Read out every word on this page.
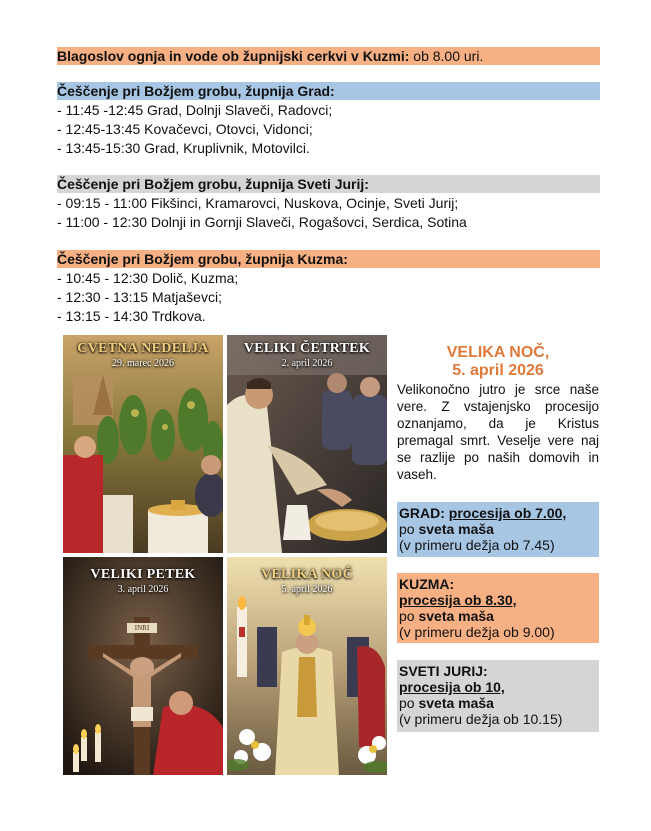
Blagoslov ognja in vode ob župnijski cerkvi v Kuzmi: ob 8.00 uri.
Češčenje pri Božjem grobu, župnija Grad:
- 11:45 -12:45 Grad, Dolnji Slaveči, Radovci;
- 12:45-13:45 Kovačevci, Otovci, Vidonci;
- 13:45-15:30 Grad, Kruplivnik, Motovilci.
Češčenje pri Božjem grobu, župnija Sveti Jurij:
- 09:15 - 11:00 Fikšinci, Kramarovci, Nuskova, Ocinje, Sveti Jurij;
- 11:00 - 12:30 Dolnji in Gornji Slaveči, Rogašovci, Serdica, Sotina
Češčenje pri Božjem grobu, župnija Kuzma:
- 10:45 - 12:30 Dolič, Kuzma;
- 12:30 - 13:15 Matjaševci;
- 13:15 - 14:30 Trdkova.
CVETNA NEDELJA
29. marec 2026
VELIKI ČETRTEK
2. april 2026
VELIKI PETEK
3. april 2026
INRI
VELIKA NOČ
5. april 2026
VELIKA NOČ,
5. april 2026
Velikonočno jutro je srce naše vere. Z vstajenjsko procesijo oznanjamo, da je Kristus premagal smrt. Veselje vere naj se razlije po naših domovih in vaseh.
GRAD: procesija ob 7.00,
po sveta maša
(v primeru dežja ob 7.45)
KUZMA:
procesija ob 8.30,
po sveta maša
(v primeru dežja ob 9.00)
SVETI JURIJ:
procesija ob 10,
po sveta maša
(v primeru dežja ob 10.15)
